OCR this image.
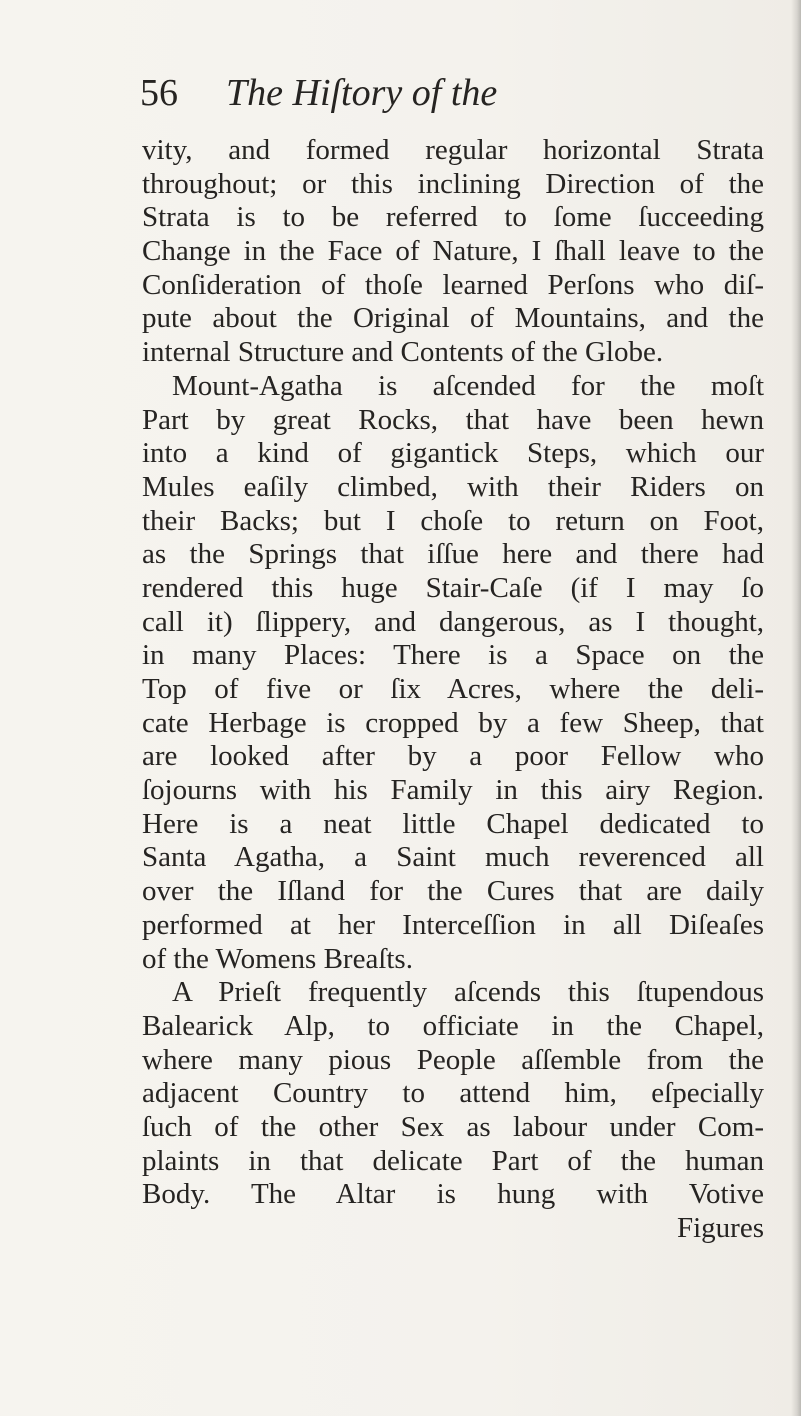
56 The Hiſtory of the
vity, and formed regular horizontal Strata
throughout; or this inclining Direction of the
Strata is to be referred to ſome ſucceeding
Change in the Face of Nature, I ſhall leave to the
Conſideration of thoſe learned Perſons who diſ-
pute about the Original of Mountains, and the
internal Structure and Contents of the Globe.
Mount-Agatha is aſcended for the moſt
Part by great Rocks, that have been hewn
into a kind of gigantick Steps, which our
Mules eaſily climbed, with their Riders on
their Backs; but I choſe to return on Foot,
as the Springs that iſſue here and there had
rendered this huge Stair-Caſe (if I may ſo
call it) ſlippery, and dangerous, as I thought,
in many Places: There is a Space on the
Top of five or ſix Acres, where the deli-
cate Herbage is cropped by a few Sheep, that
are looked after by a poor Fellow who
ſojourns with his Family in this airy Region.
Here is a neat little Chapel dedicated to
Santa Agatha, a Saint much reverenced all
over the Iſland for the Cures that are daily
performed at her Interceſſion in all Diſeaſes
of the Womens Breaſts.
A Prieſt frequently aſcends this ſtupendous
Balearick Alp, to officiate in the Chapel,
where many pious People aſſemble from the
adjacent Country to attend him, eſpecially
ſuch of the other Sex as labour under Com-
plaints in that delicate Part of the human
Body. The Altar is hung with Votive
Figures
